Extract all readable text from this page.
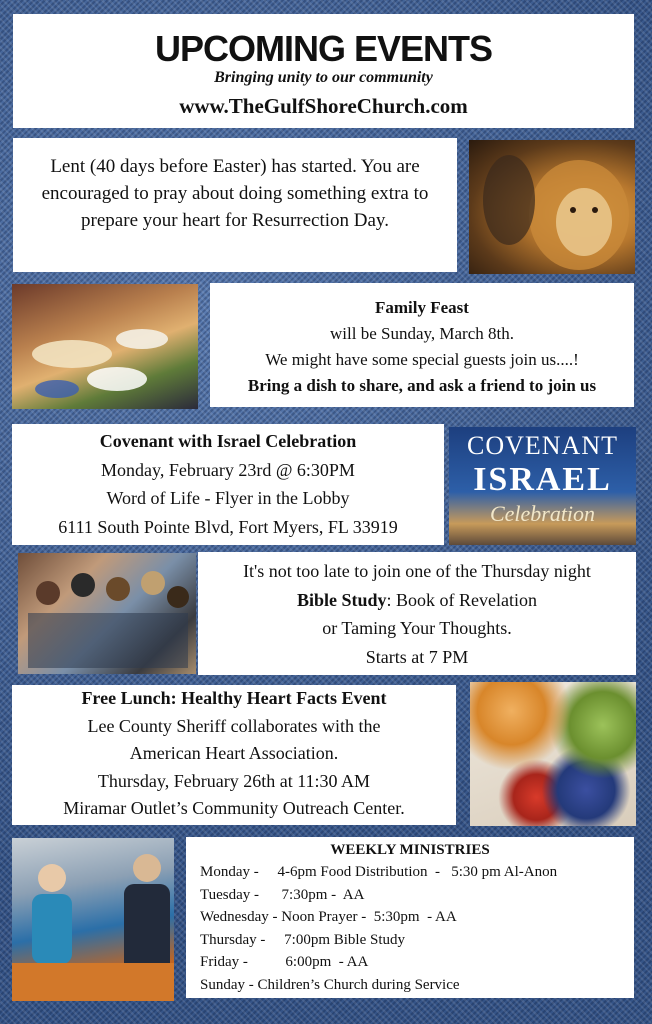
UPCOMING EVENTS
Bringing unity to our community
www.TheGulfShoreChurch.com
Lent (40 days before Easter) has started. You are
encouraged to pray about doing something extra to
prepare your heart for Resurrection Day.
Family Feast
will be Sunday, March 8th.
We might have some special guests join us....!
Bring a dish to share, and ask a friend to join us
Covenant with Israel Celebration
Monday, February 23rd @ 6:30PM
Word of Life - Flyer in the Lobby
6111 South Pointe Blvd, Fort Myers, FL 33919
COVENANT
ISRAEL
Celebration
It's not too late to join one of the Thursday night
Bible Study: Book of Revelation
or Taming Your Thoughts.
Starts at 7 PM
Free Lunch: Healthy Heart Facts Event
Lee County Sheriff collaborates with the
American Heart Association.
Thursday, February 26th at 11:30 AM
Miramar Outlet’s Community Outreach Center.
WEEKLY MINISTRIES
Monday -     4-6pm Food Distribution  -   5:30 pm Al-Anon
Tuesday -      7:30pm -  AA
Wednesday - Noon Prayer -  5:30pm  - AA
Thursday -     7:00pm Bible Study
Friday -          6:00pm  - AA
Sunday - Children’s Church during Service
